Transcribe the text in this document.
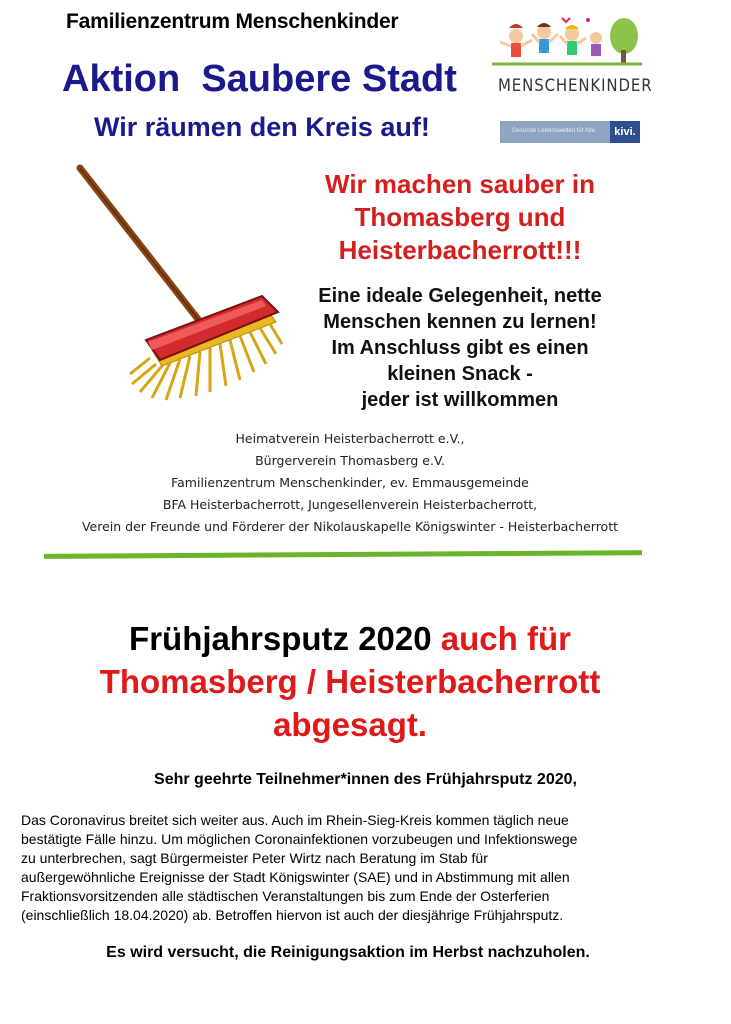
Familienzentrum Menschenkinder
Aktion  Saubere Stadt
Wir räumen den Kreis auf!
MENSCHENKINDER
Gesunde Lebenswelten für Alle	kivi.
Wir machen sauber in
Thomasberg und
Heisterbacherrott!!!
Eine ideale Gelegenheit, nette
Menschen kennen zu lernen!
Im Anschluss gibt es einen
kleinen Snack -
jeder ist willkommen
Heimatverein Heisterbacherrott e.V.,
Bürgerverein Thomasberg e.V.
Familienzentrum Menschenkinder, ev. Emmausgemeinde
BFA Heisterbacherrott, Jungesellenverein Heisterbacherrott,
Verein der Freunde und Förderer der Nikolauskapelle Königswinter - Heisterbacherrott
Frühjahrsputz 2020 auch für
Thomasberg / Heisterbacherrott
abgesagt.
Sehr geehrte Teilnehmer*innen des Frühjahrsputz 2020,
Das Coronavirus breitet sich weiter aus. Auch im Rhein-Sieg-Kreis kommen täglich neue
bestätigte Fälle hinzu. Um möglichen Coronainfektionen vorzubeugen und Infektionswege
zu unterbrechen, sagt Bürgermeister Peter Wirtz nach Beratung im Stab für
außergewöhnliche Ereignisse der Stadt Königswinter (SAE) und in Abstimmung mit allen
Fraktionsvorsitzenden alle städtischen Veranstaltungen bis zum Ende der Osterferien
(einschließlich 18.04.2020) ab. Betroffen hiervon ist auch der diesjährige Frühjahrsputz.
Es wird versucht, die Reinigungsaktion im Herbst nachzuholen.
